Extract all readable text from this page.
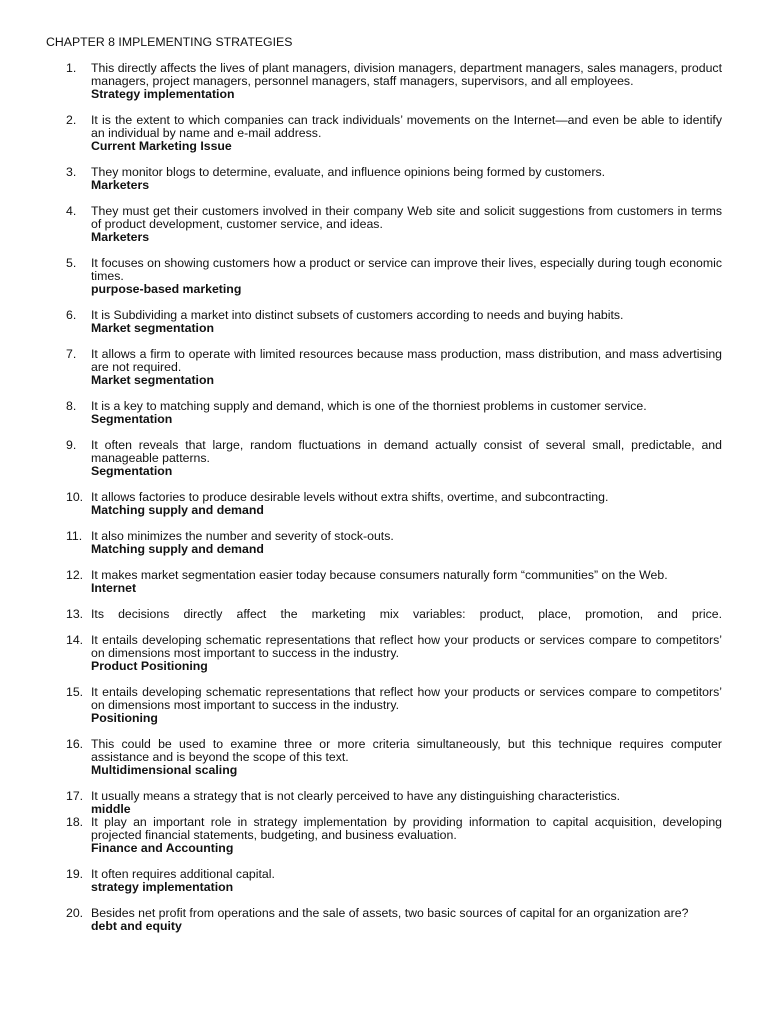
CHAPTER 8 IMPLEMENTING STRATEGIES
1.	This directly affects the lives of plant managers, division managers, department managers, sales managers, product managers, project managers, personnel managers, staff managers, supervisors, and all employees.
Strategy implementation
2.	It is the extent to which companies can track individuals’ movements on the Internet—and even be able to identify an individual by name and e-mail address.
Current Marketing Issue
3.	They monitor blogs to determine, evaluate, and influence opinions being formed by customers.
Marketers
4.	They must get their customers involved in their company Web site and solicit suggestions from customers in terms of product development, customer service, and ideas.
Marketers
5.	It focuses on showing customers how a product or service can improve their lives, especially during tough economic times.
purpose-based marketing
6.	It is Subdividing a market into distinct subsets of customers according to needs and buying habits.
Market segmentation
7.	It allows a firm to operate with limited resources because mass production, mass distribution, and mass advertising are not required.
Market segmentation
8.	It is a key to matching supply and demand, which is one of the thorniest problems in customer service.
Segmentation
9.	It often reveals that large, random fluctuations in demand actually consist of several small, predictable, and manageable patterns.
Segmentation
10. It allows factories to produce desirable levels without extra shifts, overtime, and subcontracting.
Matching supply and demand
11. It also minimizes the number and severity of stock-outs.
Matching supply and demand
12. It makes market segmentation easier today because consumers naturally form “communities” on the Web.
Internet
13. Its decisions directly affect the marketing mix variables: product, place, promotion, and price.
14. It entails developing schematic representations that reflect how your products or services compare to competitors’ on dimensions most important to success in the industry.
Product Positioning
15. It entails developing schematic representations that reflect how your products or services compare to competitors’ on dimensions most important to success in the industry.
Positioning
16. This could be used to examine three or more criteria simultaneously, but this technique requires computer assistance and is beyond the scope of this text.
Multidimensional scaling
17. It usually means a strategy that is not clearly perceived to have any distinguishing characteristics.
middle
18. It play an important role in strategy implementation by providing information to capital acquisition, developing projected financial statements, budgeting, and business evaluation.
Finance and Accounting
19. It often requires additional capital.
strategy implementation
20. Besides net profit from operations and the sale of assets, two basic sources of capital for an organization are?
debt and equity
